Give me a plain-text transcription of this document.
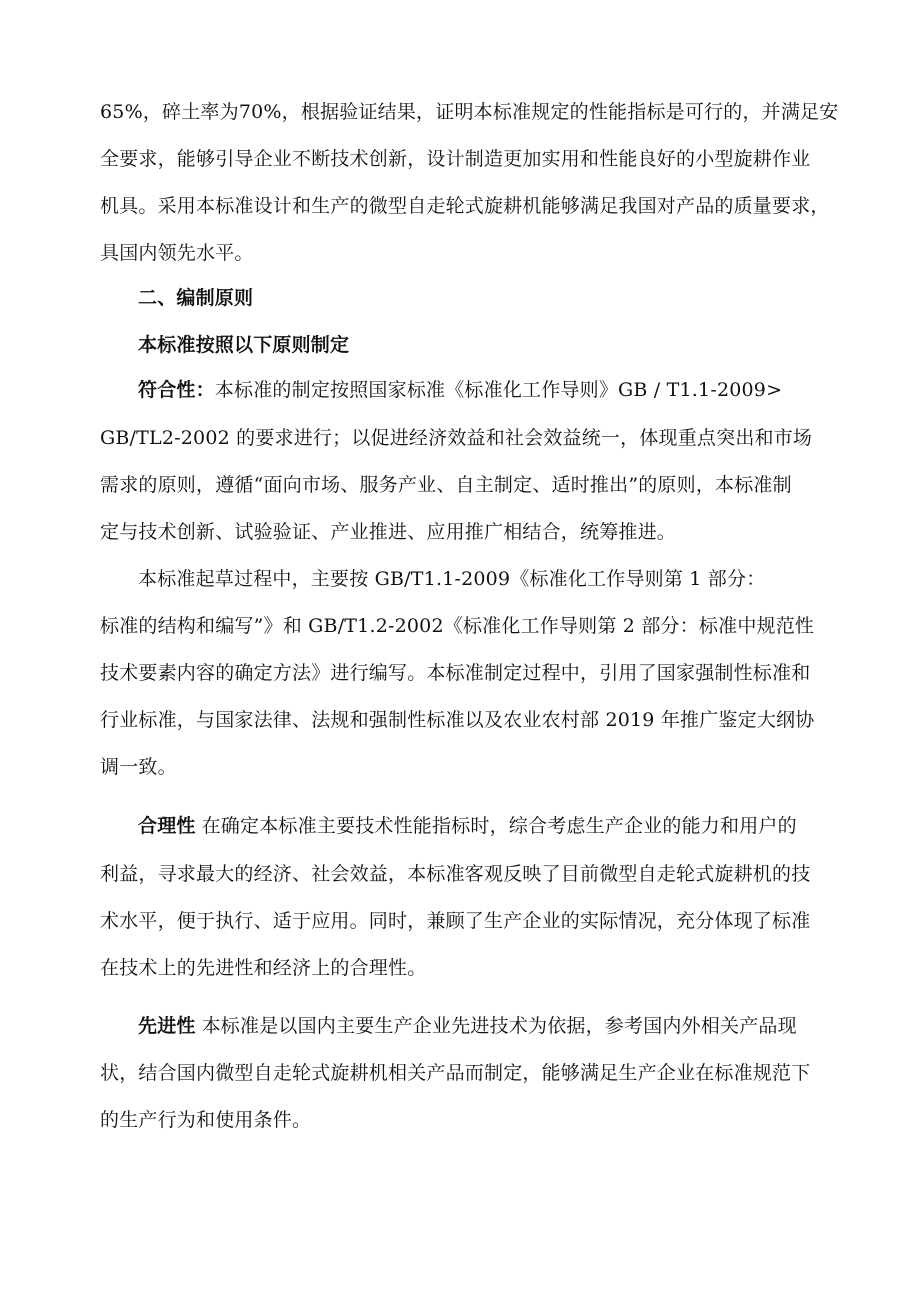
65%，碎土率为70%，根据验证结果，证明本标准规定的性能指标是可行的，并满足安
全要求，能够引导企业不断技术创新，设计制造更加实用和性能良好的小型旋耕作业
机具。采用本标准设计和生产的微型自走轮式旋耕机能够满足我国对产品的质量要求，
具国内领先水平。
二、编制原则
本标准按照以下原则制定
符合性：本标准的制定按照国家标准《标准化工作导则》GB / T1.1-2009>
GB/TL2-2002 的要求进行；以促进经济效益和社会效益统一，体现重点突出和市场
需求的原则，遵循“面向市场、服务产业、自主制定、适时推出”的原则，本标准制
定与技术创新、试验验证、产业推进、应用推广相结合，统筹推进。
本标准起草过程中，主要按 GB/T1.1-2009《标准化工作导则第 1 部分：
标准的结构和编写”》和 GB/T1.2-2002《标准化工作导则第 2 部分：标准中规范性
技术要素内容的确定方法》进行编写。本标准制定过程中，引用了国家强制性标准和
行业标准，与国家法律、法规和强制性标准以及农业农村部 2019 年推广鉴定大纲协
调一致。
合理性 在确定本标准主要技术性能指标时，综合考虑生产企业的能力和用户的
利益，寻求最大的经济、社会效益，本标准客观反映了目前微型自走轮式旋耕机的技
术水平，便于执行、适于应用。同时，兼顾了生产企业的实际情况，充分体现了标准
在技术上的先进性和经济上的合理性。
先进性 本标准是以国内主要生产企业先进技术为依据，参考国内外相关产品现
状，结合国内微型自走轮式旋耕机相关产品而制定，能够满足生产企业在标准规范下
的生产行为和使用条件。
